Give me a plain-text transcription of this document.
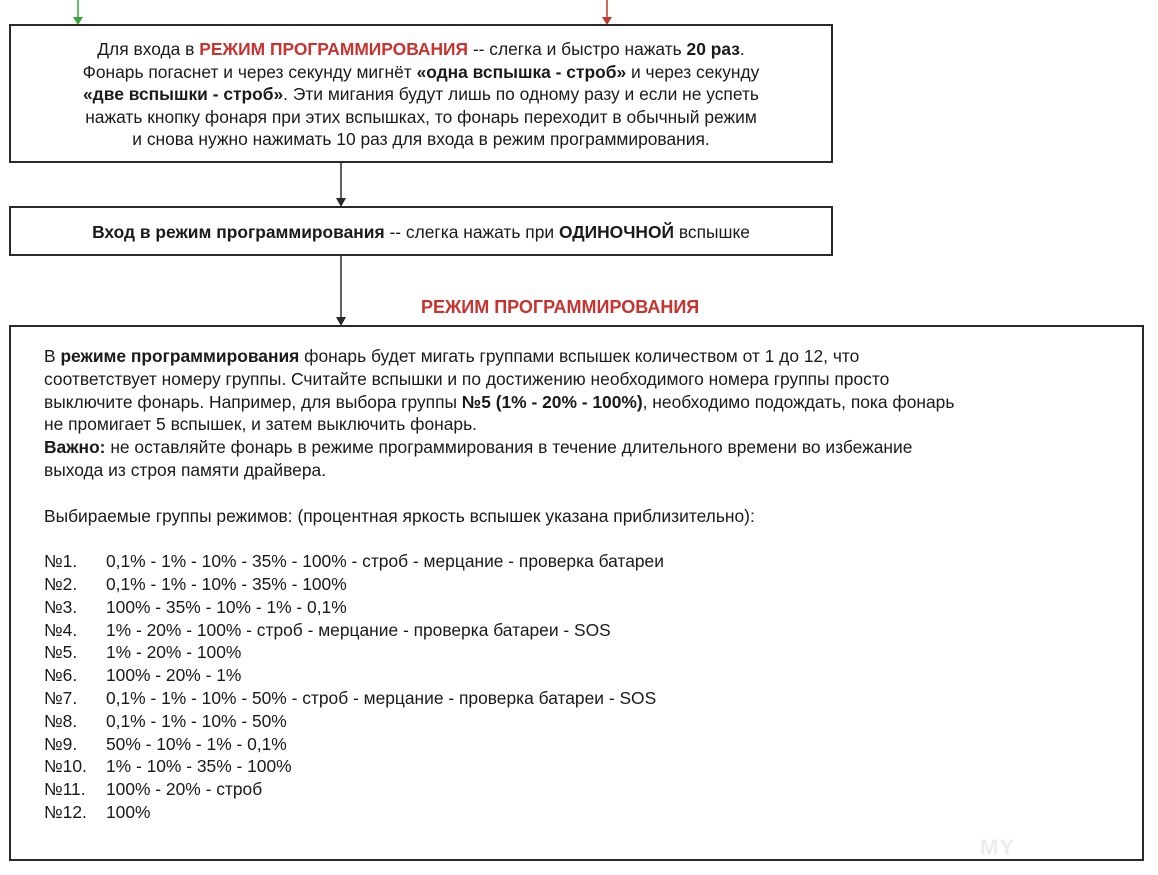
Для входа в РЕЖИМ ПРОГРАММИРОВАНИЯ -- слегка и быстро нажать 20 раз.
Фонарь погаснет и через секунду мигнёт «одна вспышка - строб» и через секунду
«две вспышки - строб». Эти мигания будут лишь по одному разу и если не успеть
нажать кнопку фонаря при этих вспышках, то фонарь переходит в обычный режим
и снова нужно нажимать 10 раз для входа в режим программирования.
Вход в режим программирования -- слегка нажать при ОДИНОЧНОЙ вспышке
РЕЖИМ ПРОГРАММИРОВАНИЯ
В режиме программирования фонарь будет мигать группами вспышек количеством от 1 до 12, что
соответствует номеру группы. Считайте вспышки и по достижению необходимого номера группы просто
выключите фонарь. Например, для выбора группы №5 (1% - 20% - 100%), необходимо подождать, пока фонарь
не промигает 5 вспышек, и затем выключить фонарь.
Важно: не оставляйте фонарь в режиме программирования в течение длительного времени во избежание
выхода из строя памяти драйвера.
Выбираемые группы режимов: (процентная яркость вспышек указана приблизительно):
№1.	0,1% - 1% - 10% - 35% - 100% - строб - мерцание - проверка батареи
№2.	0,1% - 1% - 10% - 35% - 100%
№3.	100% - 35% - 10% - 1% - 0,1%
№4.	1% - 20% - 100% - строб - мерцание - проверка батареи - SOS
№5.	1% - 20% - 100%
№6.	100% - 20% - 1%
№7.	0,1% - 1% - 10% - 50% - строб - мерцание - проверка батареи - SOS
№8.	0,1% - 1% - 10% - 50%
№9.	50% - 10% - 1% - 0,1%
№10.	1% - 10% - 35% - 100%
№11.	100% - 20% - строб
№12.	100%
MY
